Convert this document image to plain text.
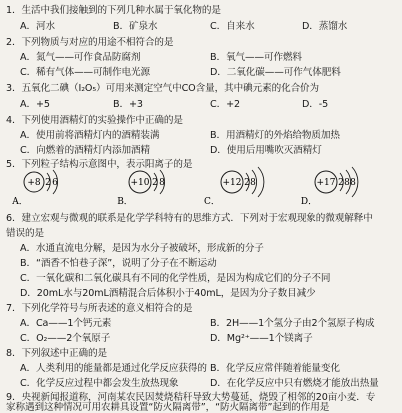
1．生活中我们接触到的下列几种水属于氧化物的是
A．河水	B．矿泉水	C．自来水	D．蒸馏水
2．下列物质与对应的用途不相符合的是
A．氮气——可作食品防腐剂	B．氧气——可作燃料
C．稀有气体——可制作电光源	D．二氧化碳——可作气体肥料
3．五氧化二碘（I₂O₅）可用来测定空气中CO含量，其中碘元素的化合价为
A．+5	B．+3	C．+2	D．-5
4．下列使用酒精灯的实验操作中正确的是
A．使用前将酒精灯内的酒精装满	B．用酒精灯的外焰给物质加热
C．向燃着的酒精灯内添加酒精	D．使用后用嘴吹灭酒精灯
5．下列粒子结构示意图中，表示阳离子的是
+8 2 6
A．
+10 2 8
B．
+12 2 8
C．
+17 2 8 8
D．
6．建立宏观与微观的联系是化学学科特有的思维方式．下列对于宏观现象的微观解释中
错误的是
A．水通直流电分解，是因为水分子被破坏，形成新的分子
B．“酒香不怕巷子深”，说明了分子在不断运动
C．一氧化碳和二氧化碳具有不同的化学性质，是因为构成它们的分子不同
D．20mL水与20mL酒精混合后体积小于40mL，是因为分子数目减少
7．下列化学符号与所表述的意义相符合的是
A．Ca——1个钙元素	B．2H——1个氢分子由2个氢原子构成
C．O₂——2个氧原子	D．Mg²⁺——1个镁离子
8．下列叙述中正确的是
A．人类利用的能量都是通过化学反应获得的 B．化学反应常伴随着能量变化
C．化学反应过程中都会发生放热现象	D．在化学反应中只有燃烧才能放出热量
9．央视新闻报道称，河南某农民因焚烧秸秆导致大势蔓延，烧毁了相邻的20亩小麦．专
家称遇到这种情况可用农耕具设置“防火隔离带”，“防火隔离带”起到的作用是
